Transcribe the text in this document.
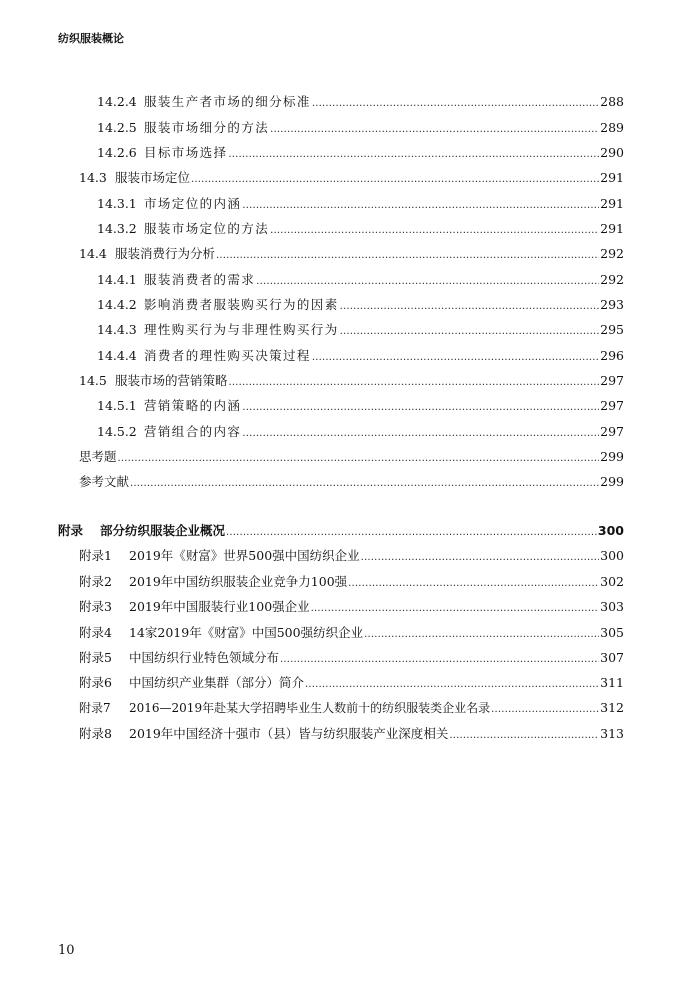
纺织服装概论
14.2.4 服装生产者市场的细分标准 .....	288
14.2.5 服装市场细分的方法 .....	289
14.2.6 目标市场选择 .....	290
14.3 服装市场定位 .....	291
14.3.1 市场定位的内涵 .....	291
14.3.2 服装市场定位的方法 .....	291
14.4 服装消费行为分析 .....	292
14.4.1 服装消费者的需求 .....	292
14.4.2 影响消费者服装购买行为的因素 .....	293
14.4.3 理性购买行为与非理性购买行为 .....	295
14.4.4 消费者的理性购买决策过程 .....	296
14.5 服装市场的营销策略 .....	297
14.5.1 营销策略的内涵 .....	297
14.5.2 营销组合的内容 .....	297
思考题 .....	299
参考文献 .....	299
附录	部分纺织服装企业概况 .....	300
附录1	2019年《财富》世界500强中国纺织企业 .....	300
附录2	2019年中国纺织服装企业竞争力100强 .....	302
附录3	2019年中国服装行业100强企业 .....	303
附录4	14家2019年《财富》中国500强纺织企业 .....	305
附录5	中国纺织行业特色领域分布 .....	307
附录6	中国纺织产业集群（部分）简介 .....	311
附录7	2016—2019年赴某大学招聘毕业生人数前十的纺织服装类企业名录 .....	312
附录8	2019年中国经济十强市（县）皆与纺织服装产业深度相关 .....	313
10
